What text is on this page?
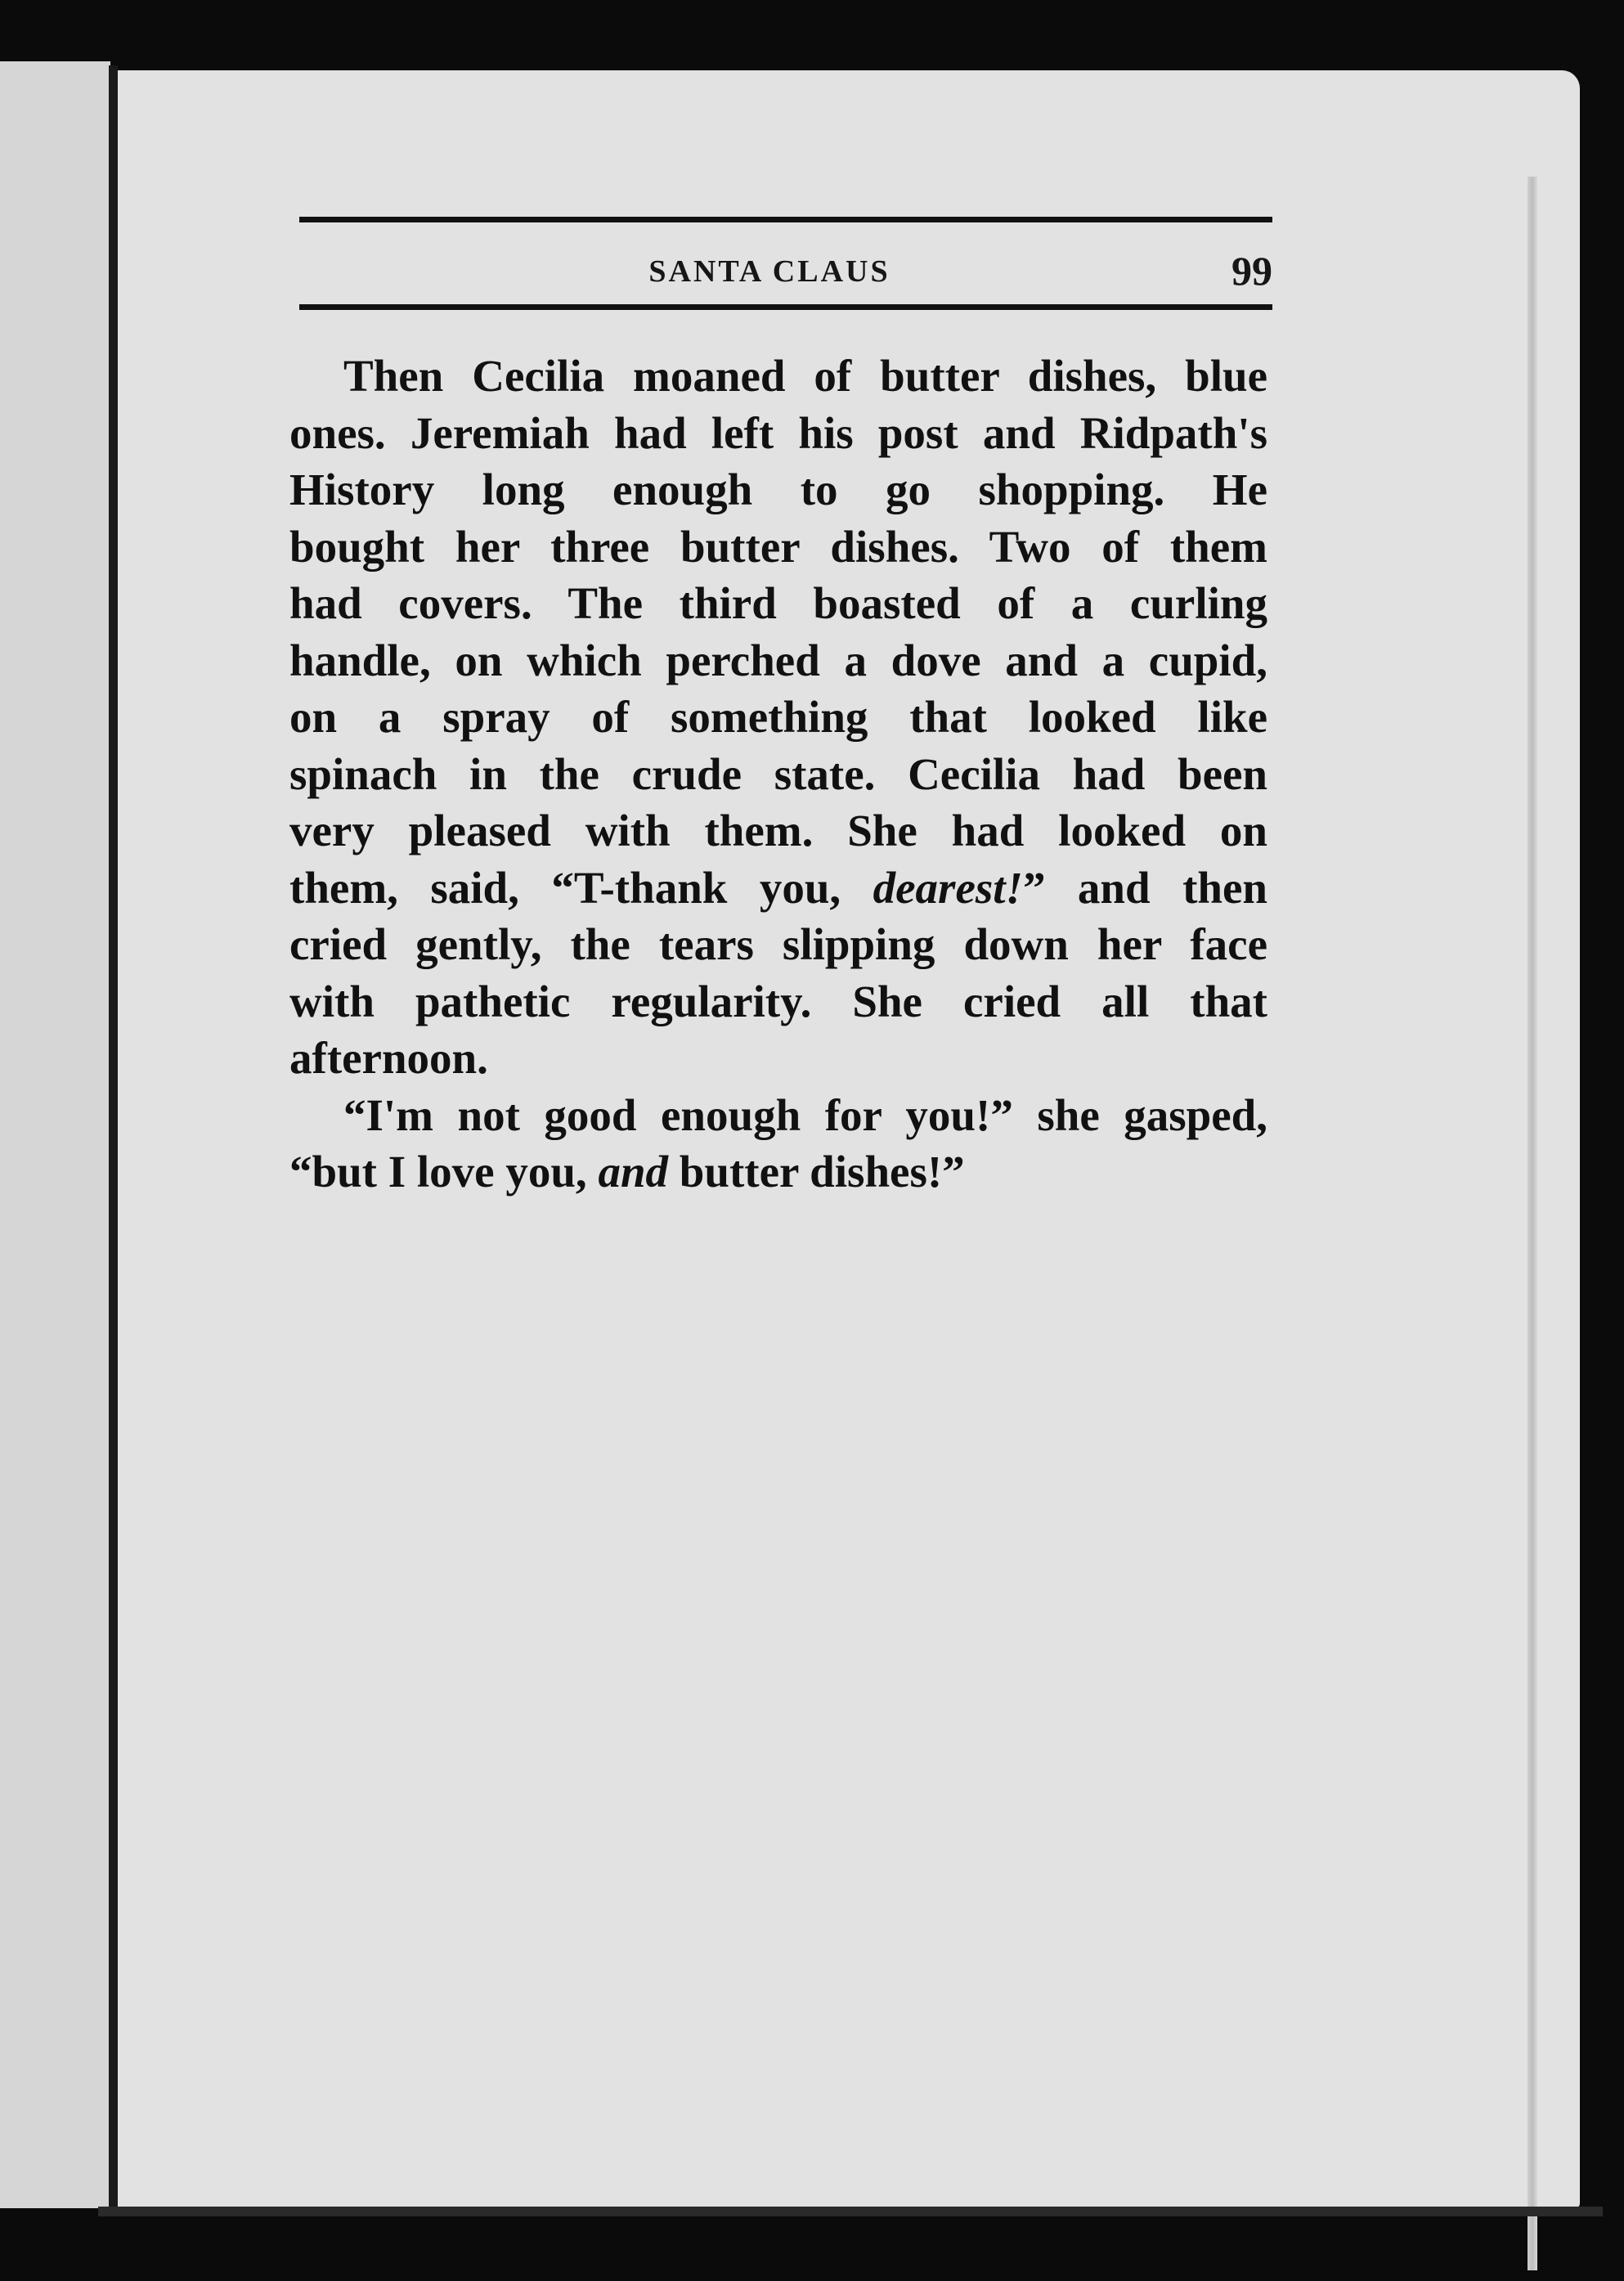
SANTA CLAUS	99

Then Cecilia moaned of butter dishes, blue
ones. Jeremiah had left his post and Ridpath's
History long enough to go shopping. He
bought her three butter dishes. Two of them
had covers. The third boasted of a curling
handle, on which perched a dove and a cupid,
on a spray of something that looked like
spinach in the crude state. Cecilia had been
very pleased with them. She had looked on
them, said, “T-thank you, dearest!” and then
cried gently, the tears slipping down her face
with pathetic regularity. She cried all that
afternoon.

“I'm not good enough for you!” she gasped,
“but I love you, and butter dishes!”
